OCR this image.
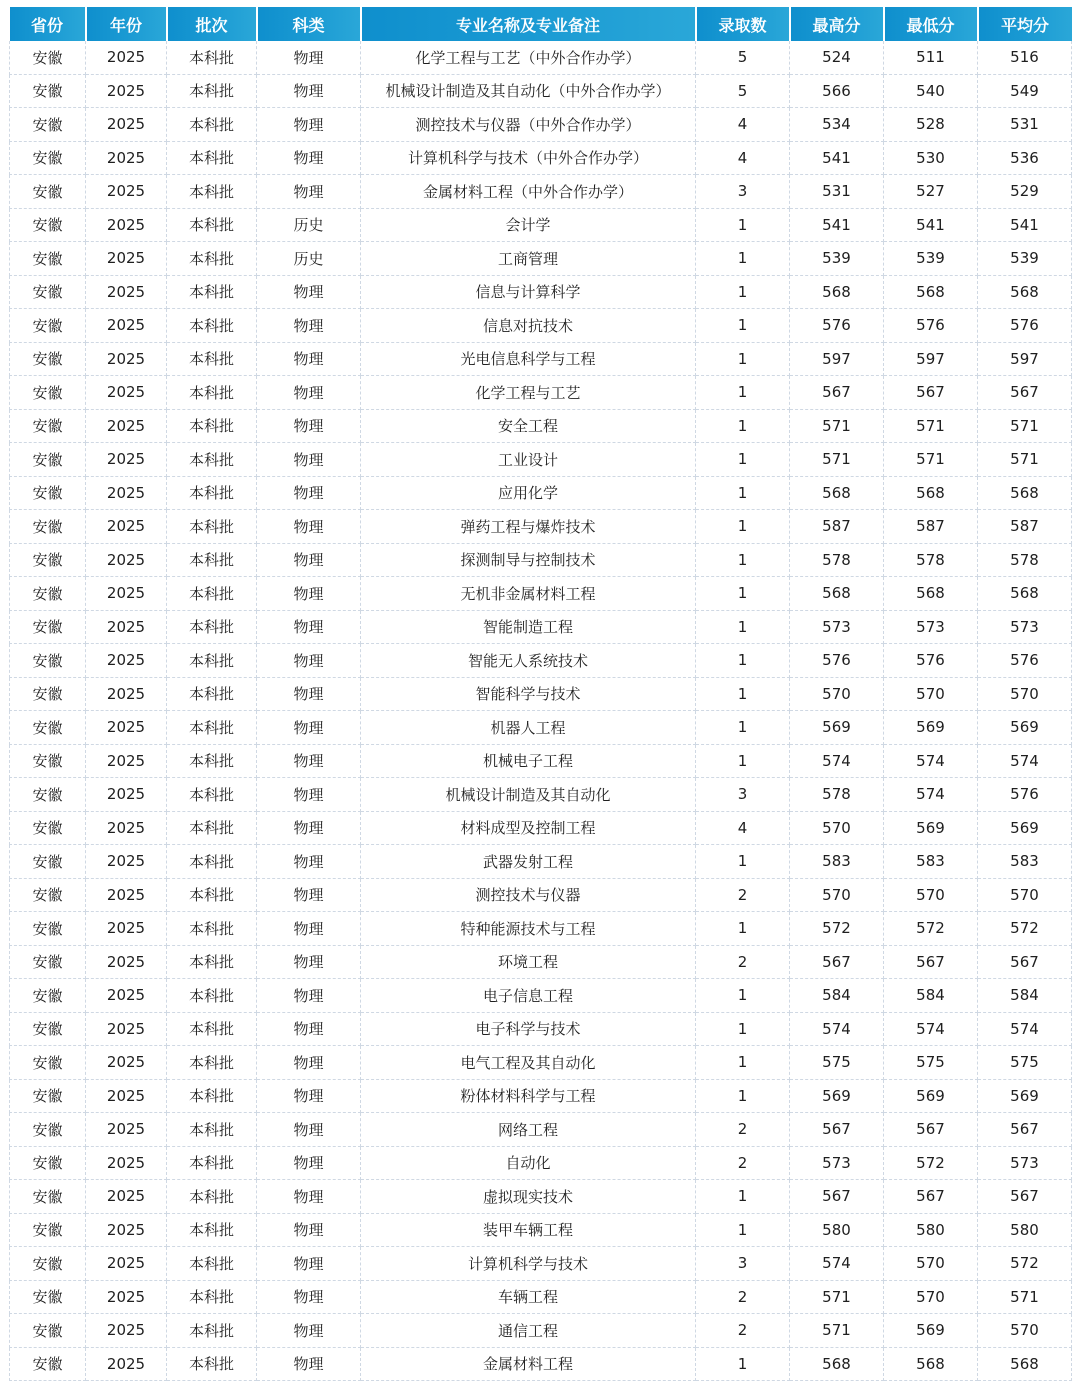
省份	年份	批次	科类	专业名称及专业备注	录取数	最高分	最低分	平均分
安徽	2025	本科批	物理	化学工程与工艺（中外合作办学）	5	524	511	516
安徽	2025	本科批	物理	机械设计制造及其自动化（中外合作办学）	5	566	540	549
安徽	2025	本科批	物理	测控技术与仪器（中外合作办学）	4	534	528	531
安徽	2025	本科批	物理	计算机科学与技术（中外合作办学）	4	541	530	536
安徽	2025	本科批	物理	金属材料工程（中外合作办学）	3	531	527	529
安徽	2025	本科批	历史	会计学	1	541	541	541
安徽	2025	本科批	历史	工商管理	1	539	539	539
安徽	2025	本科批	物理	信息与计算科学	1	568	568	568
安徽	2025	本科批	物理	信息对抗技术	1	576	576	576
安徽	2025	本科批	物理	光电信息科学与工程	1	597	597	597
安徽	2025	本科批	物理	化学工程与工艺	1	567	567	567
安徽	2025	本科批	物理	安全工程	1	571	571	571
安徽	2025	本科批	物理	工业设计	1	571	571	571
安徽	2025	本科批	物理	应用化学	1	568	568	568
安徽	2025	本科批	物理	弹药工程与爆炸技术	1	587	587	587
安徽	2025	本科批	物理	探测制导与控制技术	1	578	578	578
安徽	2025	本科批	物理	无机非金属材料工程	1	568	568	568
安徽	2025	本科批	物理	智能制造工程	1	573	573	573
安徽	2025	本科批	物理	智能无人系统技术	1	576	576	576
安徽	2025	本科批	物理	智能科学与技术	1	570	570	570
安徽	2025	本科批	物理	机器人工程	1	569	569	569
安徽	2025	本科批	物理	机械电子工程	1	574	574	574
安徽	2025	本科批	物理	机械设计制造及其自动化	3	578	574	576
安徽	2025	本科批	物理	材料成型及控制工程	4	570	569	569
安徽	2025	本科批	物理	武器发射工程	1	583	583	583
安徽	2025	本科批	物理	测控技术与仪器	2	570	570	570
安徽	2025	本科批	物理	特种能源技术与工程	1	572	572	572
安徽	2025	本科批	物理	环境工程	2	567	567	567
安徽	2025	本科批	物理	电子信息工程	1	584	584	584
安徽	2025	本科批	物理	电子科学与技术	1	574	574	574
安徽	2025	本科批	物理	电气工程及其自动化	1	575	575	575
安徽	2025	本科批	物理	粉体材料科学与工程	1	569	569	569
安徽	2025	本科批	物理	网络工程	2	567	567	567
安徽	2025	本科批	物理	自动化	2	573	572	573
安徽	2025	本科批	物理	虚拟现实技术	1	567	567	567
安徽	2025	本科批	物理	装甲车辆工程	1	580	580	580
安徽	2025	本科批	物理	计算机科学与技术	3	574	570	572
安徽	2025	本科批	物理	车辆工程	2	571	570	571
安徽	2025	本科批	物理	通信工程	2	571	569	570
安徽	2025	本科批	物理	金属材料工程	1	568	568	568
